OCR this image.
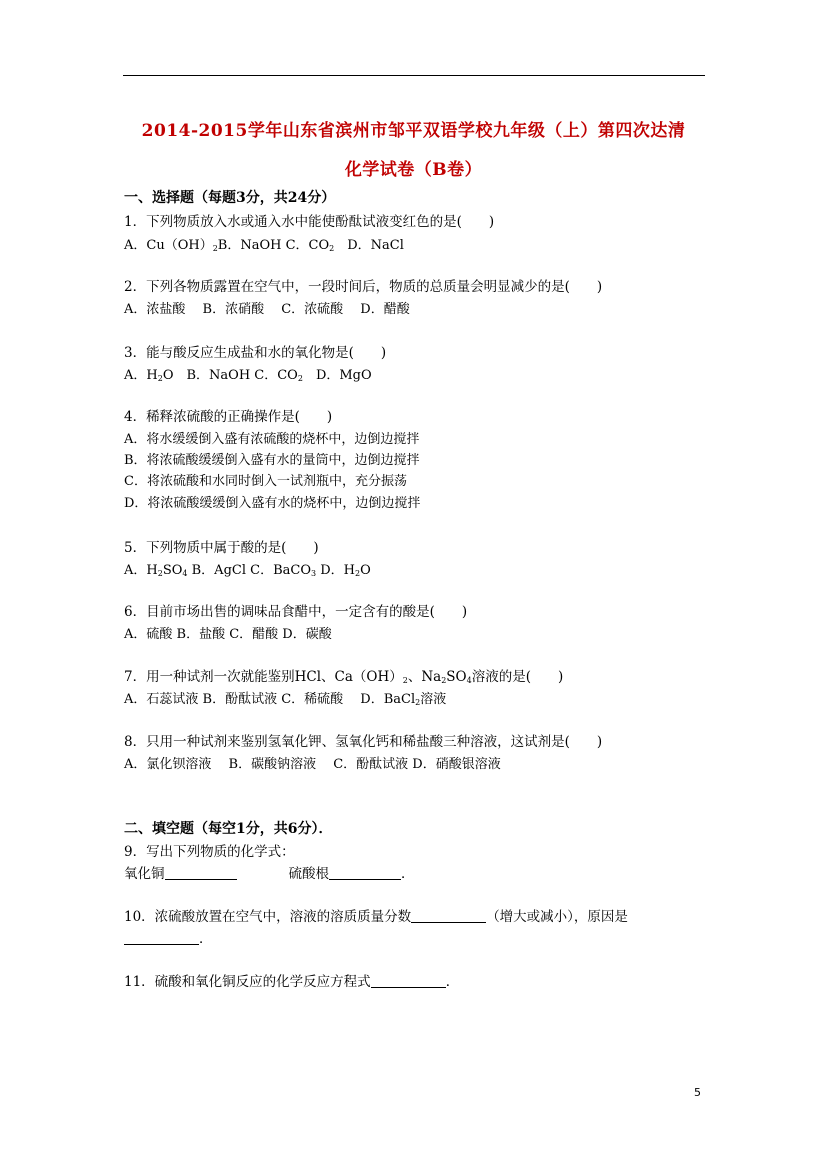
2014-2015学年山东省滨州市邹平双语学校九年级（上）第四次达清
化学试卷（B卷）
一、选择题（每题3分，共24分）
1．下列物质放入水或通入水中能使酚酞试液变红色的是(　　)
A．$Cu(OH)_2B$．NaOH C．$CO_2$　D．NaCl
2．下列各物质露置在空气中，一段时间后，物质的总质量会明显减少的是(　　)
A．浓盐酸　 B．浓硝酸　 C．浓硫酸　 D．醋酸
3．能与酸反应生成盐和水的氧化物是(　　)
A．$H_2O$　B．NaOH C．$CO_2$　D．MgO
4．稀释浓硫酸的正确操作是(　　)
A．将水缓缓倒入盛有浓硫酸的烧杯中，边倒边搅拌
B．将浓硫酸缓缓倒入盛有水的量筒中，边倒边搅拌
C．将浓硫酸和水同时倒入一试剂瓶中，充分振荡
D．将浓硫酸缓缓倒入盛有水的烧杯中，边倒边搅拌
5．下列物质中属于酸的是(　　)
A．$H_2SO_4$ B．AgCl C．BaCO$_3$ D．$H_2O$
6．目前市场出售的调味品食醋中，一定含有的酸是(　　)
A．硫酸 B．盐酸 C．醋酸 D．碳酸
7．用一种试剂一次就能鉴别HCl、$Ca(OH)_2$、$Na_2SO_4$溶液的是(　　)
A．石蕊试液 B．酚酞试液 C．稀硫酸　 D．BaCl$_2$溶液
8．只用一种试剂来鉴别氢氧化钾、氢氧化钙和稀盐酸三种溶液，这试剂是(　　)
A．氯化钡溶液　 B．碳酸钠溶液　 C．酚酞试液 D．硝酸银溶液
二、填空题（每空1分，共6分）．
9．写出下列物质的化学式：
氧化铜	硫酸根	．
10．浓硫酸放置在空气中，溶液的溶质质量分数	（增大或减小），原因是
．
11．硫酸和氧化铜反应的化学反应方程式	．
5
